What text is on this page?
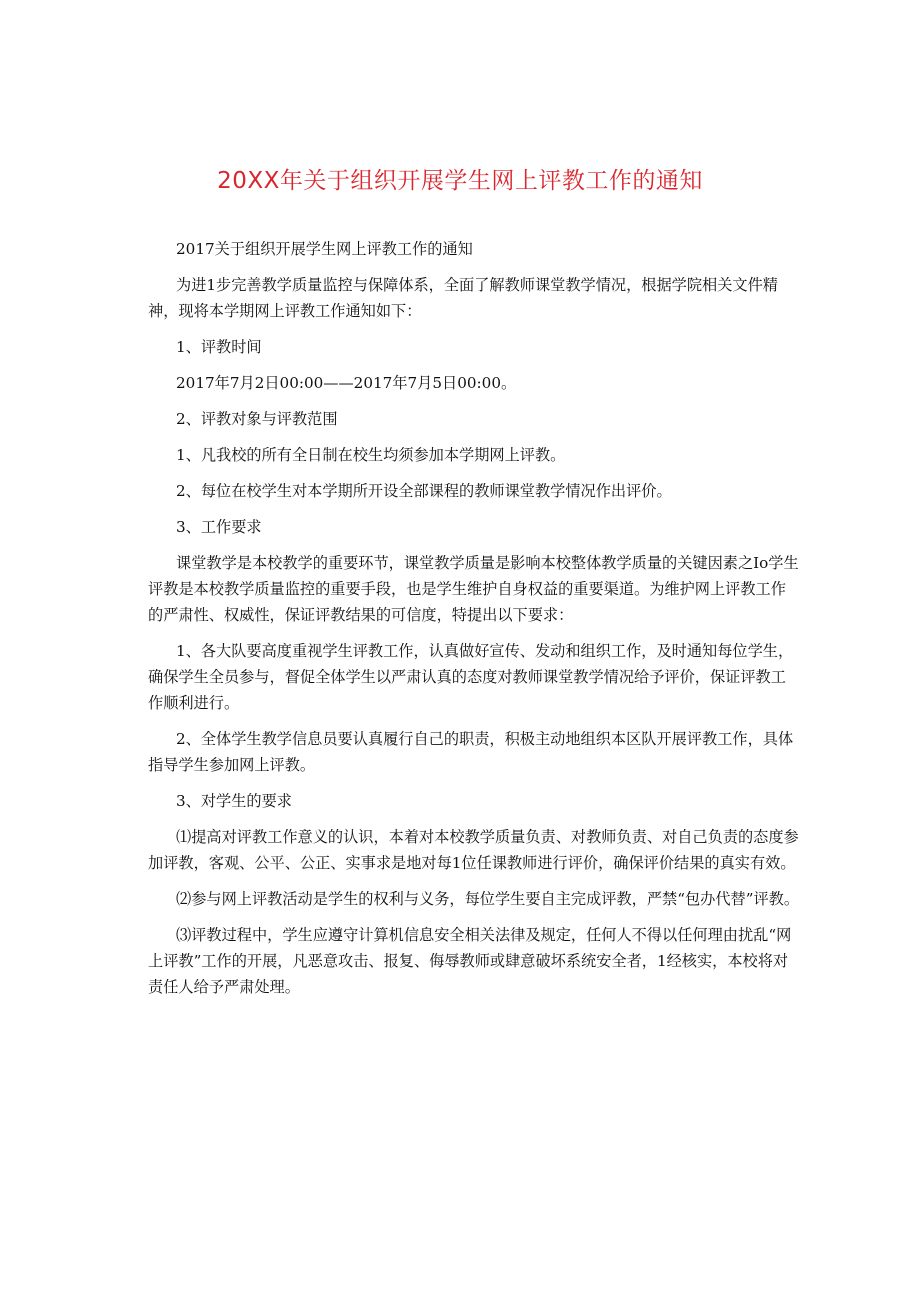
20XX年关于组织开展学生网上评教工作的通知

2017关于组织开展学生网上评教工作的通知

为进1步完善教学质量监控与保障体系，全面了解教师课堂教学情况，根据学院相关文件精神，现将本学期网上评教工作通知如下：

1、评教时间

2017年7月2日00:00——2017年7月5日00:00。

2、评教对象与评教范围

1、凡我校的所有全日制在校生均须参加本学期网上评教。

2、每位在校学生对本学期所开设全部课程的教师课堂教学情况作出评价。

3、工作要求

课堂教学是本校教学的重要环节，课堂教学质量是影响本校整体教学质量的关键因素之Io学生评教是本校教学质量监控的重要手段，也是学生维护自身权益的重要渠道。为维护网上评教工作的严肃性、权威性，保证评教结果的可信度，特提出以下要求：

1、各大队要高度重视学生评教工作，认真做好宣传、发动和组织工作，及时通知每位学生，确保学生全员参与，督促全体学生以严肃认真的态度对教师课堂教学情况给予评价，保证评教工作顺利进行。

2、全体学生教学信息员要认真履行自己的职责，积极主动地组织本区队开展评教工作，具体指导学生参加网上评教。

3、对学生的要求

⑴提高对评教工作意义的认识，本着对本校教学质量负责、对教师负责、对自己负责的态度参加评教，客观、公平、公正、实事求是地对每1位任课教师进行评价，确保评价结果的真实有效。

⑵参与网上评教活动是学生的权利与义务，每位学生要自主完成评教，严禁“包办代替”评教。

⑶评教过程中，学生应遵守计算机信息安全相关法律及规定，任何人不得以任何理由扰乱“网上评教”工作的开展，凡恶意攻击、报复、侮辱教师或肆意破坏系统安全者，1经核实，本校将对责任人给予严肃处理。
